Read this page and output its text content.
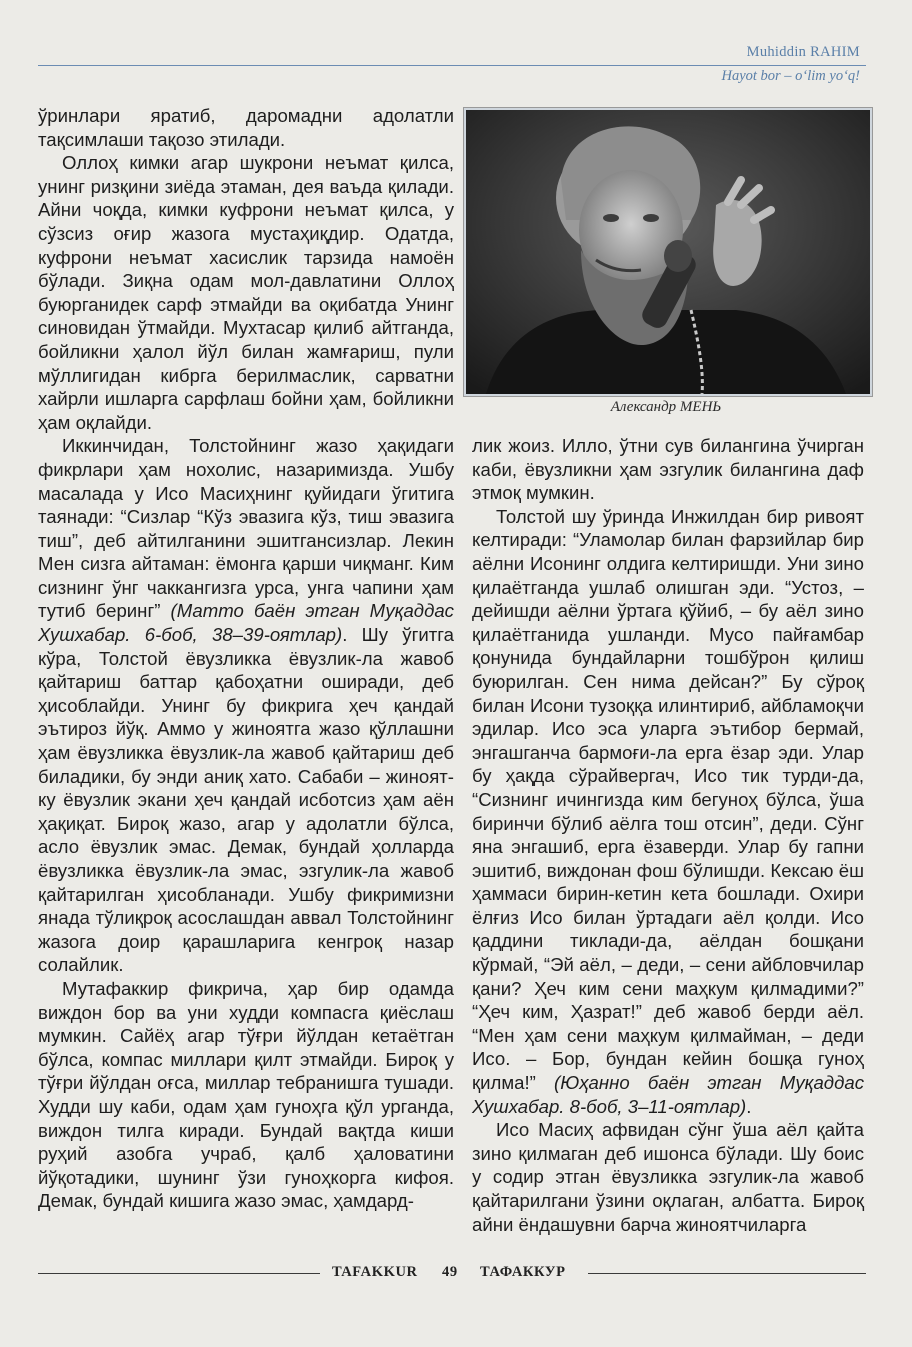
Muhiddin RAHIM
Hayot bor – o‘lim yo‘q!

ўринлари яратиб, даромадни адолатли тақсимлаши тақозо этилади.

Оллоҳ кимки агар шукрони неъмат қилса, унинг ризқини зиёда этаман, дея ваъда қилади. Айни чоқда, кимки куфрони неъмат қилса, у сўзсиз оғир жазога мустаҳиқдир. Одатда, куфрони неъмат хасислик тарзида намоён бўлади. Зиқна одам мол-давлатини Оллоҳ буюрганидек сарф этмайди ва оқибатда Унинг синовидан ўтмайди. Мухтасар қилиб айтганда, бойликни ҳалол йўл билан жамғариш, пули мўллигидан кибрга берилмаслик, сарватни хайрли ишларга сарфлаш бойни ҳам, бойликни ҳам оқлайди.

Иккинчидан, Толстойнинг жазо ҳақидаги фикрлари ҳам нохолис, назаримизда. Ушбу масалада у Исо Масиҳнинг қуйидаги ўгитига таянади: “Сизлар “Кўз эвазига кўз, тиш эвазига тиш”, деб айтилганини эшитгансизлар. Лекин Мен сизга айтаман: ёмонга қарши чиқманг. Ким сизнинг ўнг чаккангизга урса, унга чапини ҳам тутиб беринг” (Матто баён этган Муқаддас Хушхабар. 6-боб, 38–39-оятлар). Шу ўгитга кўра, Толстой ёвузликка ёвузлик-ла жавоб қайтариш баттар қабоҳатни оширади, деб ҳисоблайди. Унинг бу фикрига ҳеч қандай эътироз йўқ. Аммо у жиноятга жазо қўллашни ҳам ёвузликка ёвузлик-ла жавоб қайтариш деб биладики, бу энди аниқ хато. Сабаби – жиноят-ку ёвузлик экани ҳеч қандай исботсиз ҳам аён ҳақиқат. Бироқ жазо, агар у адолатли бўлса, асло ёвузлик эмас. Демак, бундай ҳолларда ёвузликка ёвузлик-ла эмас, эзгулик-ла жавоб қайтарилган ҳисобланади. Ушбу фикримизни янада тўлиқроқ асослашдан аввал Толстойнинг жазога доир қарашларига кенгроқ назар солайлик.

Мутафаккир фикрича, ҳар бир одамда виждон бор ва уни худди компасга қиёслаш мумкин. Сайёҳ агар тўғри йўлдан кетаётган бўлса, компас миллари қилт этмайди. Бироқ у тўғри йўлдан оғса, миллар тебранишга тушади. Худди шу каби, одам ҳам гуноҳга қўл урганда, виждон тилга киради. Бундай вақтда киши руҳий азобга учраб, қалб ҳаловатини йўқотадики, шунинг ўзи гуноҳкорга кифоя. Демак, бундай кишига жазо эмас, ҳамдард-

Александр МЕНЬ

лик жоиз. Илло, ўтни сув билангина ўчирган каби, ёвузликни ҳам эзгулик билангина даф этмоқ мумкин.

Толстой шу ўринда Инжилдан бир ривоят келтиради: “Уламолар билан фарзийлар бир аёлни Исонинг олдига келтиришди. Уни зино қилаётганда ушлаб олишган эди. “Устоз, – дейишди аёлни ўртага қўйиб, – бу аёл зино қилаётганида ушланди. Мусо пайғамбар қонунида бундайларни тошбўрон қилиш буюрилган. Сен нима дейсан?” Бу сўроқ билан Исони тузоққа илинтириб, айбламоқчи эдилар. Исо эса уларга эътибор бермай, энгашганча бармоғи-ла ерга ёзар эди. Улар бу ҳақда сўрайвергач, Исо тик турди-да, “Сизнинг ичингизда ким бегуноҳ бўлса, ўша биринчи бўлиб аёлга тош отсин”, деди. Сўнг яна энгашиб, ерга ёзаверди. Улар бу гапни эшитиб, виждонан фош бўлишди. Кексаю ёш ҳаммаси бирин-кетин кета бошлади. Охири ёлғиз Исо билан ўртадаги аёл қолди. Исо қаддини тиклади-да, аёлдан бошқани кўрмай, “Эй аёл, – деди, – сени айбловчилар қани? Ҳеч ким сени маҳкум қилмадими?” “Ҳеч ким, Ҳазрат!” деб жавоб берди аёл. “Мен ҳам сени маҳкум қилмайман, – деди Исо. – Бор, бундан кейин бошқа гуноҳ қилма!” (Юҳанно баён этган Муқаддас Хушхабар. 8-боб, 3–11-оятлар).

Исо Масиҳ афвидан сўнг ўша аёл қайта зино қилмаган деб ишонса бўлади. Шу боис у содир этган ёвузликка эзгулик-ла жавоб қайтарилгани ўзини оқлаган, албатта. Бироқ айни ёндашувни барча жиноятчиларга

TAFAKKUR 49 ТАФАККУР
